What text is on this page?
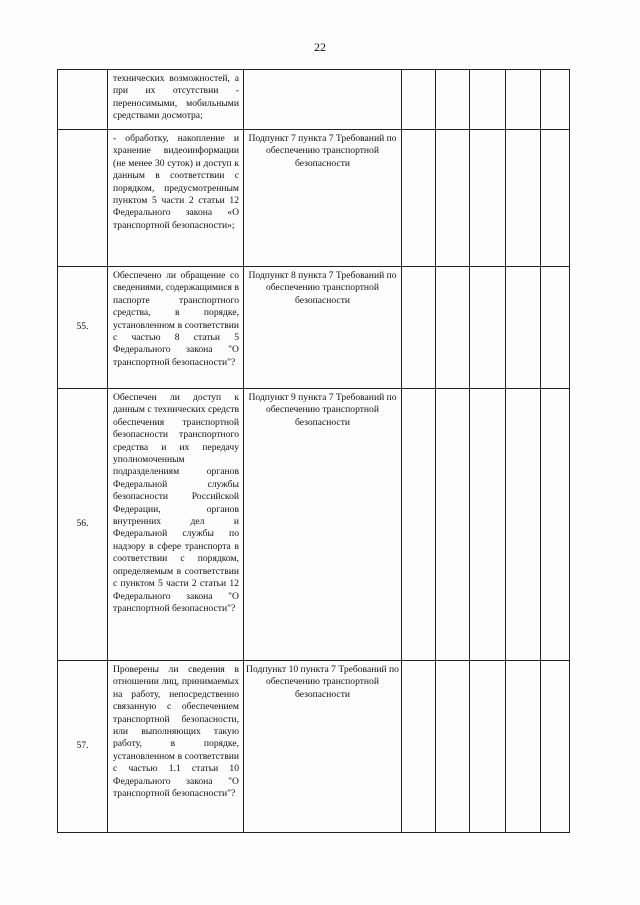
22

	технических возможностей, а при их отсутствии - переносимыми, мобильными средствами досмотра;						

	- обработку, накопление и хранение видеоинформации (не менее 30 суток) и доступ к данным в соответствии с порядком, предусмотренным пунктом 5 части 2 статьи 12 Федерального закона «О транспортной безопасности»;	Подпункт 7 пункта 7 Требований по обеспечению транспортной безопасности					
55.	Обеспечено ли обращение со сведениями, содержащимися в паспорте транспортного средства, в порядке, установленном в соответствии с частью 8 статьи 5 Федерального закона "О транспортной безопасности"?	Подпункт 8 пункта 7 Требований по обеспечению транспортной безопасности					
56.	Обеспечен ли доступ к данным с технических средств обеспечения транспортной безопасности транспортного средства и их передачу уполномоченным подразделениям органов Федеральной службы безопасности Российской Федерации, органов внутренних дел и Федеральной службы по надзору в сфере транспорта в соответствии с порядком, определяемым в соответствии с пунктом 5 части 2 статьи 12 Федерального закона "О транспортной безопасности"?	Подпункт 9 пункта 7 Требований по обеспечению транспортной безопасности					
57.	Проверены ли сведения в отношении лиц, принимаемых на работу, непосредственно связанную с обеспечением транспортной безопасности, или выполняющих такую работу, в порядке, установленном в соответствии с частью 1.1 статьи 10 Федерального закона "О транспортной безопасности"?	Подпункт 10 пункта 7 Требований по обеспечению транспортной безопасности					
